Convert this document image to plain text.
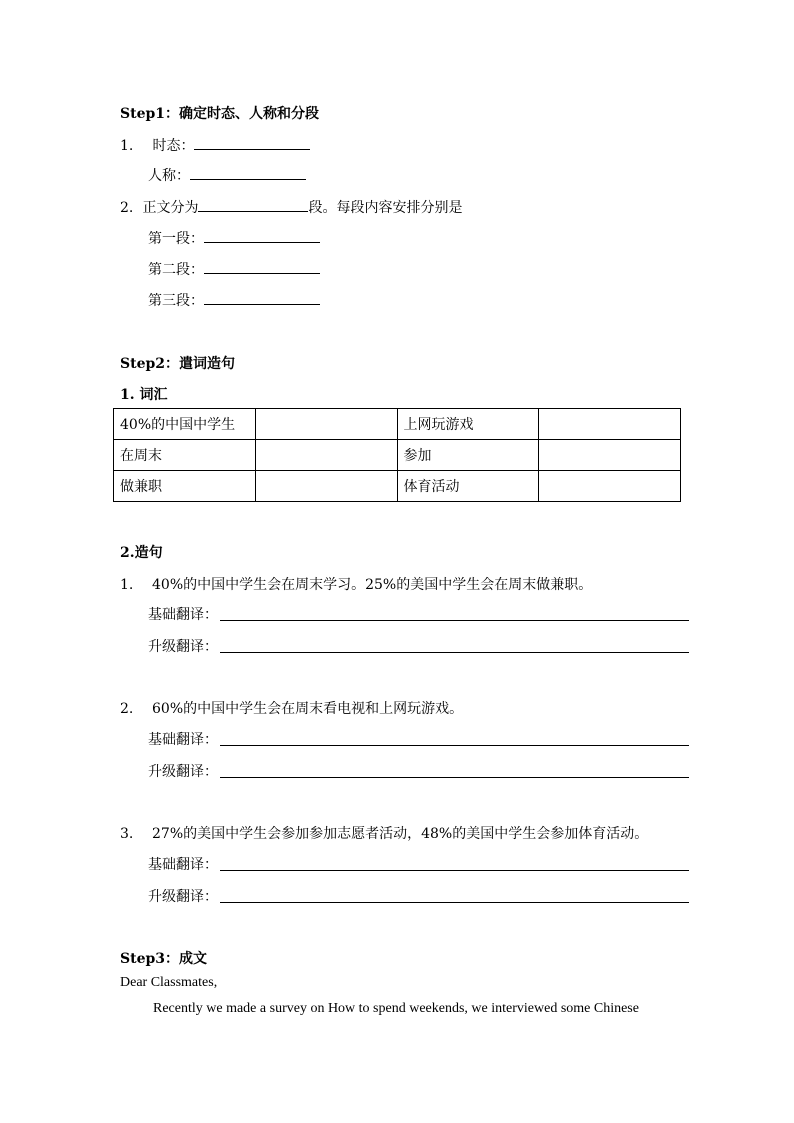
Step1：确定时态、人称和分段
1. 时态：
人称：
2. 正文分为	段。每段内容安排分别是
第一段：
第二段：
第三段：
Step2：遣词造句
1. 词汇
40%的中国中学生		上网玩游戏	
在周末		参加	
做兼职		体育活动	
2.造句
1. 40%的中国中学生会在周末学习。25%的美国中学生会在周末做兼职。
基础翻译：
升级翻译：
2. 60%的中国中学生会在周末看电视和上网玩游戏。
基础翻译：
升级翻译：
3. 27%的美国中学生会参加参加志愿者活动，48%的美国中学生会参加体育活动。
基础翻译：
升级翻译：
Step3：成文
Dear Classmates,
Recently we made a survey on How to spend weekends, we interviewed some Chinese
